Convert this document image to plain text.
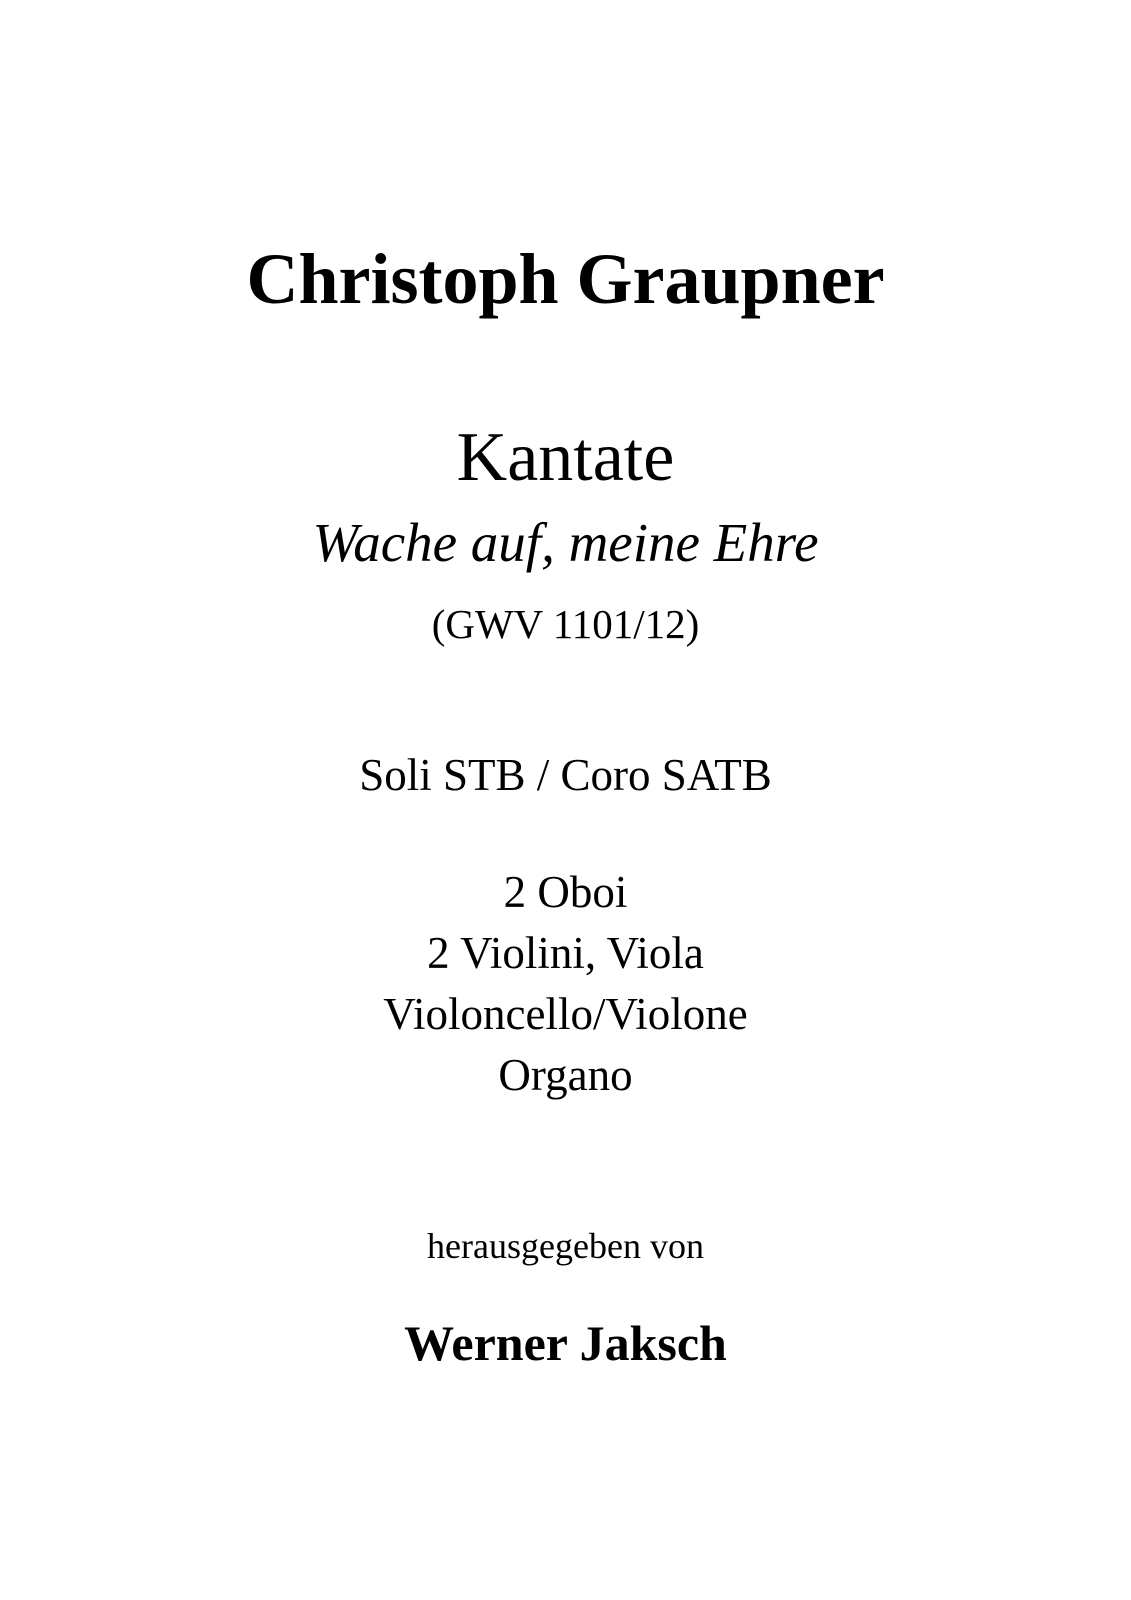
Christoph Graupner
Kantate
Wache auf, meine Ehre
(GWV 1101/12)
Soli STB / Coro SATB
2 Oboi
2 Violini, Viola
Violoncello/Violone
Organo
herausgegeben von
Werner Jaksch
